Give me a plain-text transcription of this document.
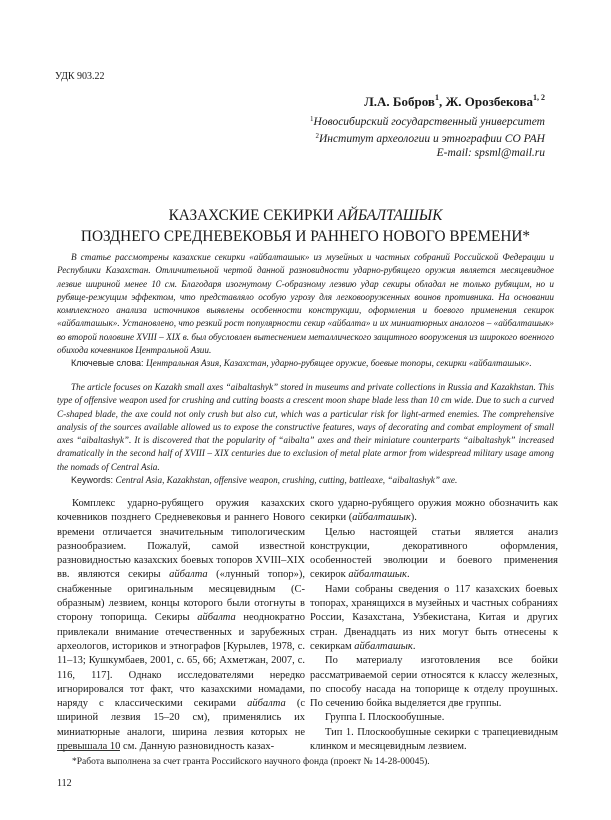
УДК 903.22
Л.А. Бобров$^1$, Ж. Орозбекова$^{1, 2}$
$^1$Новосибирский государственный университет
$^2$Институт археологии и этнографии СО РАН
E-mail: spsml@mail.ru
КАЗАХСКИЕ СЕКИРКИ АЙБАЛТАШЫК
ПОЗДНЕГО СРЕДНЕВЕКОВЬЯ И РАННЕГО НОВОГО ВРЕМЕНИ*

В статье рассмотрены казахские секирки «айбалташык» из музейных и частных собраний Российской Федерации и Республики Казахстан. Отличительной чертой данной разновидности ударно-рубящего оружия является месяцевидное лезвие шириной менее 10 см. Благодаря изогнутому С-образному лезвию удар секиры обладал не только рубящим, но и рубяще-режущим эффектом, что представляло особую угрозу для легковооруженных воинов противника. На основании комплексного анализа источников выявлены особенности конструкции, оформления и боевого применения секирок «айбалташык». Установлено, что резкий рост популярности секир «айбалта» и их миниатюрных аналогов – «айбалташык» во второй половине XVIII – XIX в. был обусловлен вытеснением металлического защитного вооружения из широкого военного обихода кочевников Центральной Азии.

Ключевые слова: Центральная Азия, Казахстан, ударно-рубящее оружие, боевые топоры, секирки «айбалташык».

The article focuses on Kazakh small axes “aibaltashyk” stored in museums and private collections in Russia and Kazakhstan. This type of offensive weapon used for crushing and cutting boasts a crescent moon shape blade less than 10 cm wide. Due to such a curved C-shaped blade, the axe could not only crush but also cut, which was a particular risk for light-armed enemies. The comprehensive analysis of the sources available allowed us to expose the constructive features, ways of decorating and combat employment of small axes “aibaltashyk”. It is discovered that the popularity of “aibalta” axes and their miniature counterparts “aibaltashyk” increased dramatically in the second half of XVIII – XIX centuries due to exclusion of metal plate armor from widespread military usage among the nomads of Central Asia.

Keywords: Central Asia, Kazakhstan, offensive weapon, crushing, cutting, battleaxe, “aibaltashyk” axe.

Комплекс ударно-рубящего оружия казахских кочевников позднего Средневековья и раннего Нового времени отличается значительным типологическим разнообразием. Пожалуй, самой известной разновидностью казахских боевых топоров XVIII–XIX вв. являются секиры айбалта («лунный топор»), снабженные оригинальным месяцевидным (С-образным) лезвием, концы которого были отогнуты в сторону топорища. Секиры айбалта неоднократно привлекали внимание отечественных и зарубежных археологов, историков и этнографов [Курылев, 1978, с. 11–13; Кушкумбаев, 2001, с. 65, 66; Ахметжан, 2007, с. 116, 117]. Однако исследователями нередко игнорировался тот факт, что казахскими номадами, наряду с классическими секирами айбалта (с шириной лезвия 15–20 см), применялись их миниатюрные аналоги, ширина лезвия которых не превышала 10 см. Данную разновидность казах-

ского ударно-рубящего оружия можно обозначить как секирки (айбалташык).

Целью настоящей статьи является анализ конструкции, декоративного оформления, особенностей эволюции и боевого применения секирок айбалташык.

Нами собраны сведения о 117 казахских боевых топорах, хранящихся в музейных и частных собраниях России, Казахстана, Узбекистана, Китая и других стран. Двенадцать из них могут быть отнесены к секиркам айбалташык.

По материалу изготовления все бойки рассматриваемой серии относятся к классу железных, по способу насада на топорище к отделу проушных. По сечению бойка выделяется две группы.

Группа I. Плоскообушные.

Тип 1. Плоскообушные секирки с трапециевидным клинком и месяцевидным лезвием.

*Работа выполнена за счет гранта Российского научного фонда (проект № 14-28-00045).
112
